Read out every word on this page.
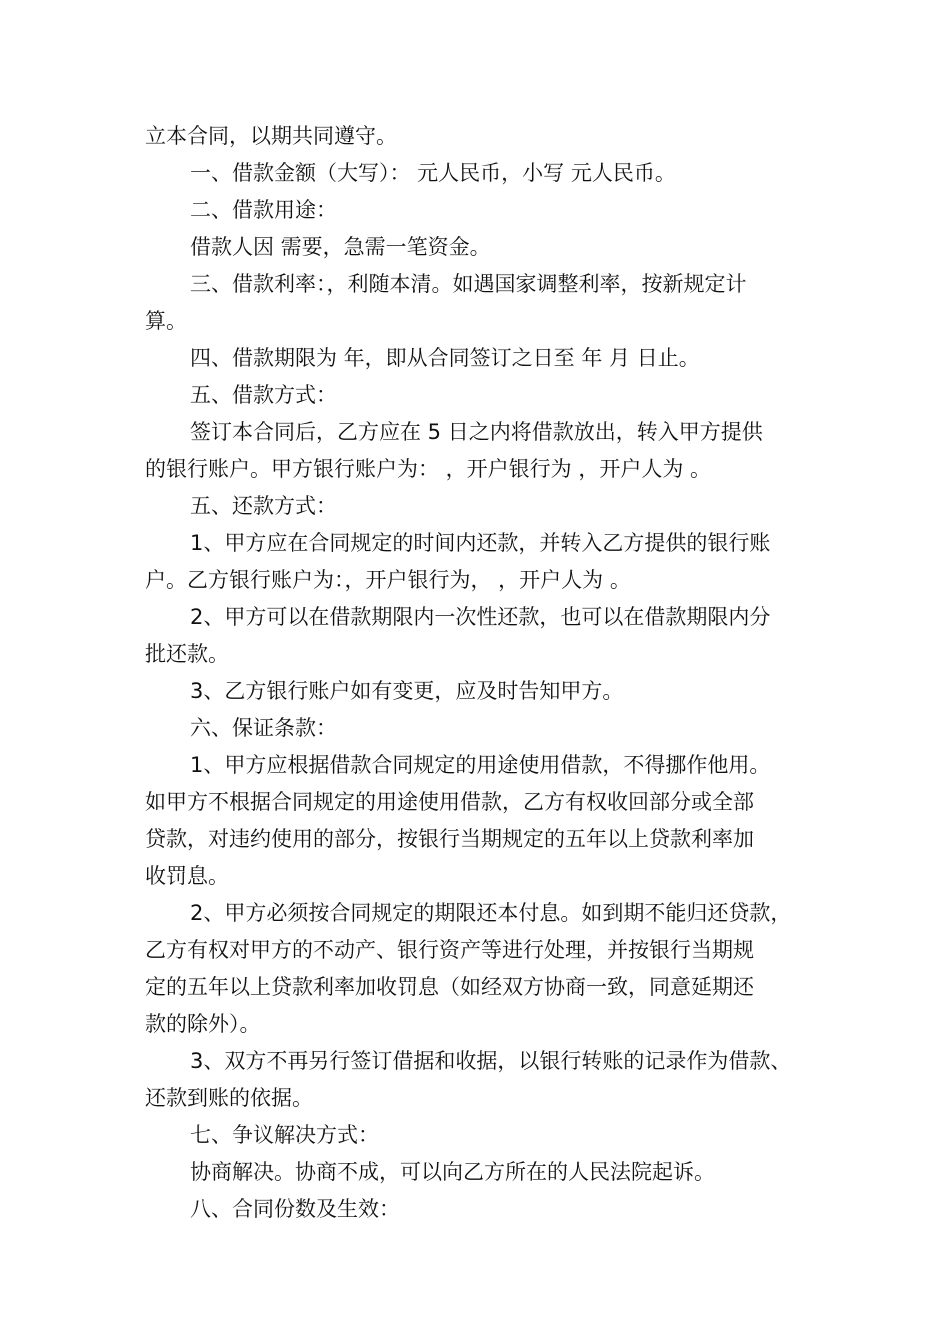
立本合同，以期共同遵守。
一、借款金额（大写）： 元人民币，小写 元人民币。
二、借款用途：
借款人因 需要，急需一笔资金。
三、借款利率：，利随本清。如遇国家调整利率，按新规定计
算。
四、借款期限为 年，即从合同签订之日至 年 月 日止。
五、借款方式：
签订本合同后，乙方应在 5 日之内将借款放出，转入甲方提供
的银行账户。甲方银行账户为： ，开户银行为 ，开户人为 。
五、还款方式：
1、甲方应在合同规定的时间内还款，并转入乙方提供的银行账
户。乙方银行账户为：，开户银行为， ，开户人为 。
2、甲方可以在借款期限内一次性还款，也可以在借款期限内分
批还款。
3、乙方银行账户如有变更，应及时告知甲方。
六、保证条款：
1、甲方应根据借款合同规定的用途使用借款，不得挪作他用。
如甲方不根据合同规定的用途使用借款，乙方有权收回部分或全部
贷款，对违约使用的部分，按银行当期规定的五年以上贷款利率加
收罚息。
2、甲方必须按合同规定的期限还本付息。如到期不能归还贷款，
乙方有权对甲方的不动产、银行资产等进行处理，并按银行当期规
定的五年以上贷款利率加收罚息（如经双方协商一致，同意延期还
款的除外）。
3、双方不再另行签订借据和收据，以银行转账的记录作为借款、
还款到账的依据。
七、争议解决方式：
协商解决。协商不成，可以向乙方所在的人民法院起诉。
八、合同份数及生效：
